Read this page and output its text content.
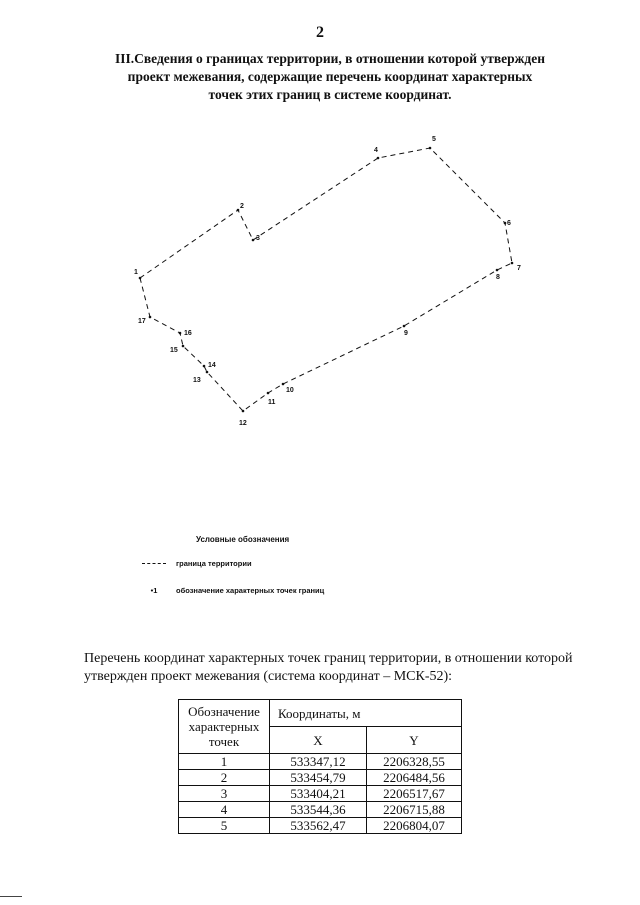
2
III.Сведения о границах территории, в отношении которой утвержден
проект межевания, содержащие перечень координат характерных
точек этих границ в системе координат.
1
2
3
4
5
6
7
8
9
10
11
12
13
14
15
16
17
Условные обозначения
граница территории
•1	обозначение характерных точек границ
Перечень координат характерных точек границ территории, в отношении которой
утвержден проект межевания (система координат – МСК-52):
Обозначение
характерных
точек	Координаты, м	
	X	Y
1	533347,12	2206328,55
2	533454,79	2206484,56
3	533404,21	2206517,67
4	533544,36	2206715,88
5	533562,47	2206804,07
